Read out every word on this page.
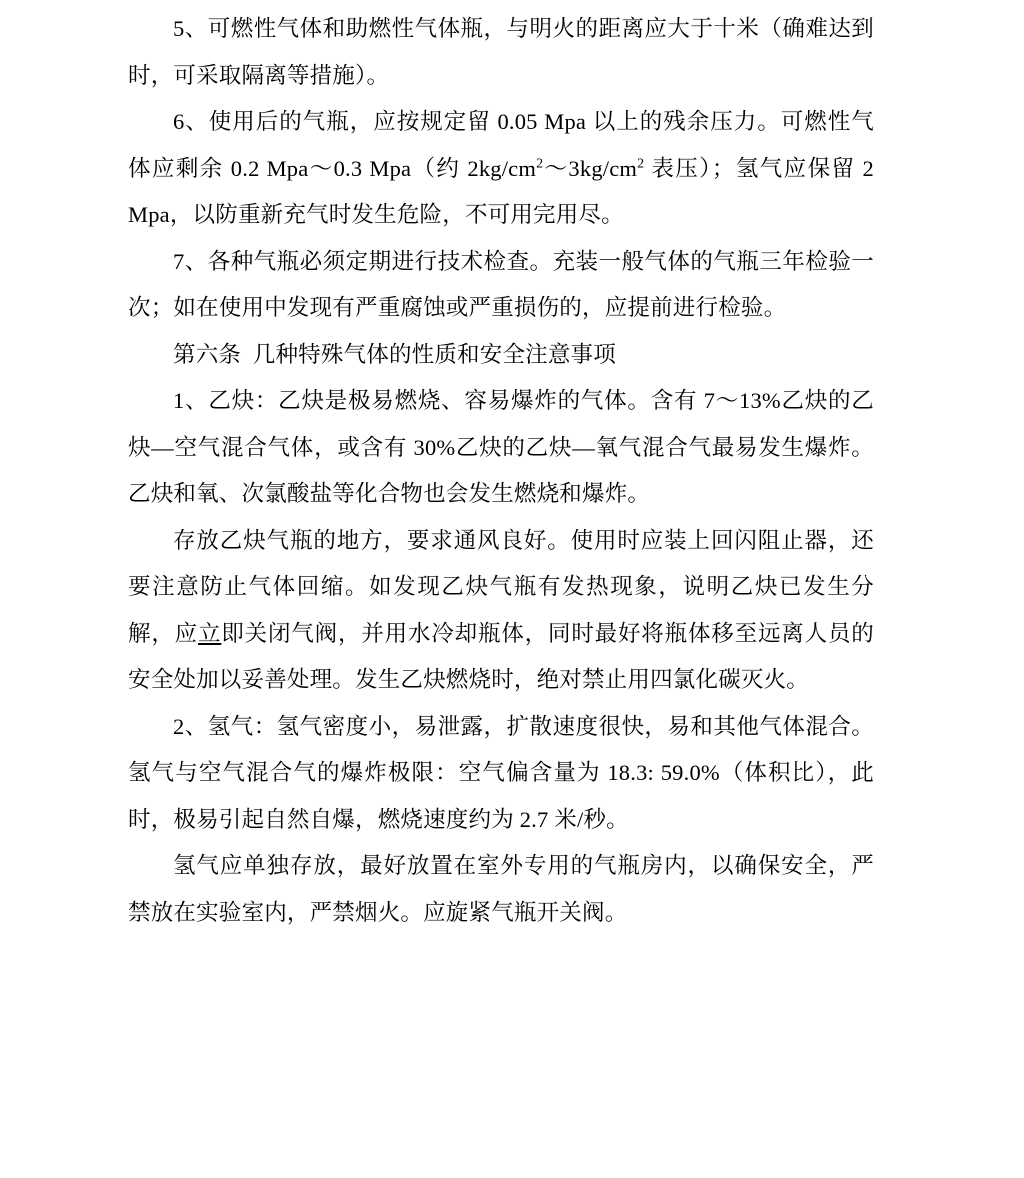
5、可燃性气体和助燃性气体瓶，与明火的距离应大于十米（确难达到时，可采取隔离等措施）。

6、使用后的气瓶，应按规定留 0.05 Mpa 以上的残余压力。可燃性气体应剩余 0.2 Mpa～0.3 Mpa（约 $2kg/cm^2\sim 3kg/cm^2$ 表压）；氢气应保留 2 Mpa，以防重新充气时发生危险，不可用完用尽。

7、各种气瓶必须定期进行技术检查。充装一般气体的气瓶三年检验一次；如在使用中发现有严重腐蚀或严重损伤的，应提前进行检验。

第六条  几种特殊气体的性质和安全注意事项

1、乙炔：乙炔是极易燃烧、容易爆炸的气体。含有 7～13%乙炔的乙炔—空气混合气体，或含有 30%乙炔的乙炔—氧气混合气最易发生爆炸。乙炔和氧、次氯酸盐等化合物也会发生燃烧和爆炸。

存放乙炔气瓶的地方，要求通风良好。使用时应装上回闪阻止器，还要注意防止气体回缩。如发现乙炔气瓶有发热现象，说明乙炔已发生分解，应立即关闭气阀，并用水冷却瓶体，同时最好将瓶体移至远离人员的安全处加以妥善处理。发生乙炔燃烧时，绝对禁止用四氯化碳灭火。

2、氢气：氢气密度小，易泄露，扩散速度很快，易和其他气体混合。氢气与空气混合气的爆炸极限：空气偏含量为 18.3: 59.0%（体积比），此时，极易引起自然自爆，燃烧速度约为 2.7 米/秒。

氢气应单独存放，最好放置在室外专用的气瓶房内，以确保安全，严禁放在实验室内，严禁烟火。应旋紧气瓶开关阀。
